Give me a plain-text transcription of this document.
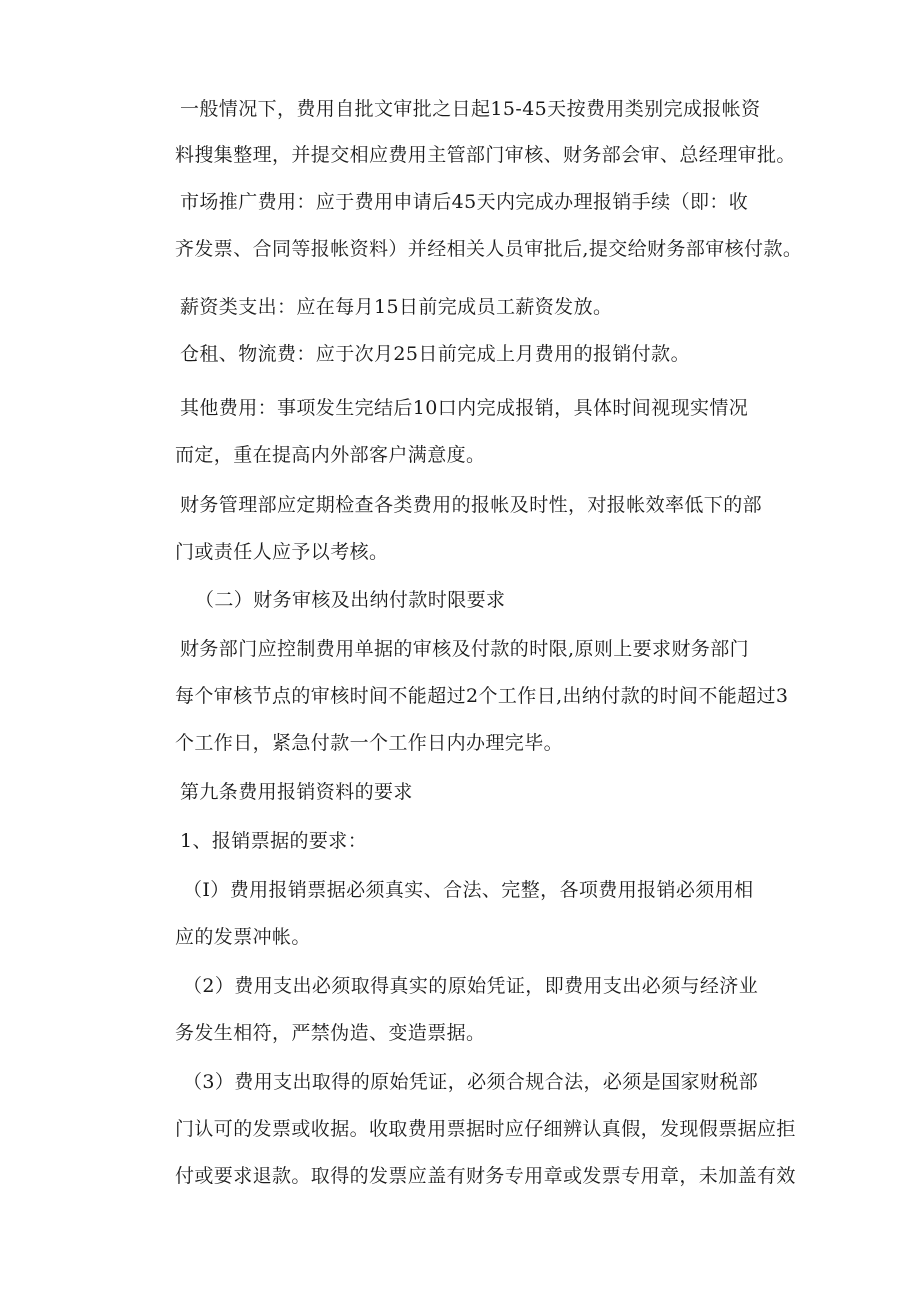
一般情况下，费用自批文审批之日起15-45天按费用类别完成报帐资
料搜集整理，并提交相应费用主管部门审核、财务部会审、总经理审批。
市场推广费用：应于费用申请后45天内完成办理报销手续（即：收
齐发票、合同等报帐资料）并经相关人员审批后,提交给财务部审核付款。
薪资类支出：应在每月15日前完成员工薪资发放。
仓租、物流费：应于次月25日前完成上月费用的报销付款。
其他费用：事项发生完结后10口内完成报销，具体时间视现实情况
而定，重在提高内外部客户满意度。
财务管理部应定期检查各类费用的报帐及时性，对报帐效率低下的部
门或责任人应予以考核。
（二）财务审核及出纳付款时限要求
财务部门应控制费用单据的审核及付款的时限,原则上要求财务部门
每个审核节点的审核时间不能超过2个工作日,出纳付款的时间不能超过3
个工作日，紧急付款一个工作日内办理完毕。
第九条费用报销资料的要求
1、报销票据的要求：
（I）费用报销票据必须真实、合法、完整，各项费用报销必须用相
应的发票冲帐。
（2）费用支出必须取得真实的原始凭证，即费用支出必须与经济业
务发生相符，严禁伪造、变造票据。
（3）费用支出取得的原始凭证，必须合规合法，必须是国家财税部
门认可的发票或收据。收取费用票据时应仔细辨认真假，发现假票据应拒
付或要求退款。取得的发票应盖有财务专用章或发票专用章，未加盖有效
